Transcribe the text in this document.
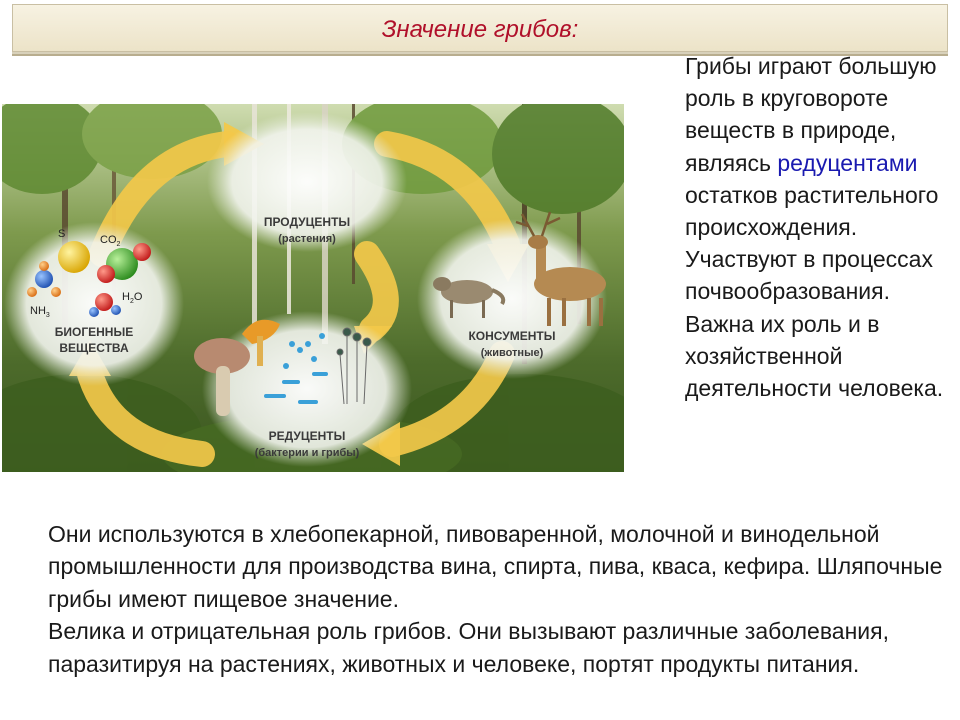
Значение грибов:
ПРОДУЦЕНТЫ
(растения)
КОНСУМЕНТЫ
(животные)
РЕДУЦЕНТЫ
(бактерии и грибы)
S	$CO_2$
$NH_3$
$H_2O$
БИОГЕННЫЕ
ВЕЩЕСТВА

Грибы играют большую роль в круговороте веществ в природе, являясь редуцентами остатков растительного происхождения. Участвуют в процессах почвообразования.

Важна их роль и в хозяйственной деятельности человека.

Они используются в хлебопекарной, пивоваренной, молочной и винодельной промышленности для производства вина, спирта, пива, кваса, кефира. Шляпочные грибы имеют пищевое значение.

Велика и отрицательная роль грибов. Они вызывают различные заболевания, паразитируя на растениях, животных и человеке, портят продукты питания.
